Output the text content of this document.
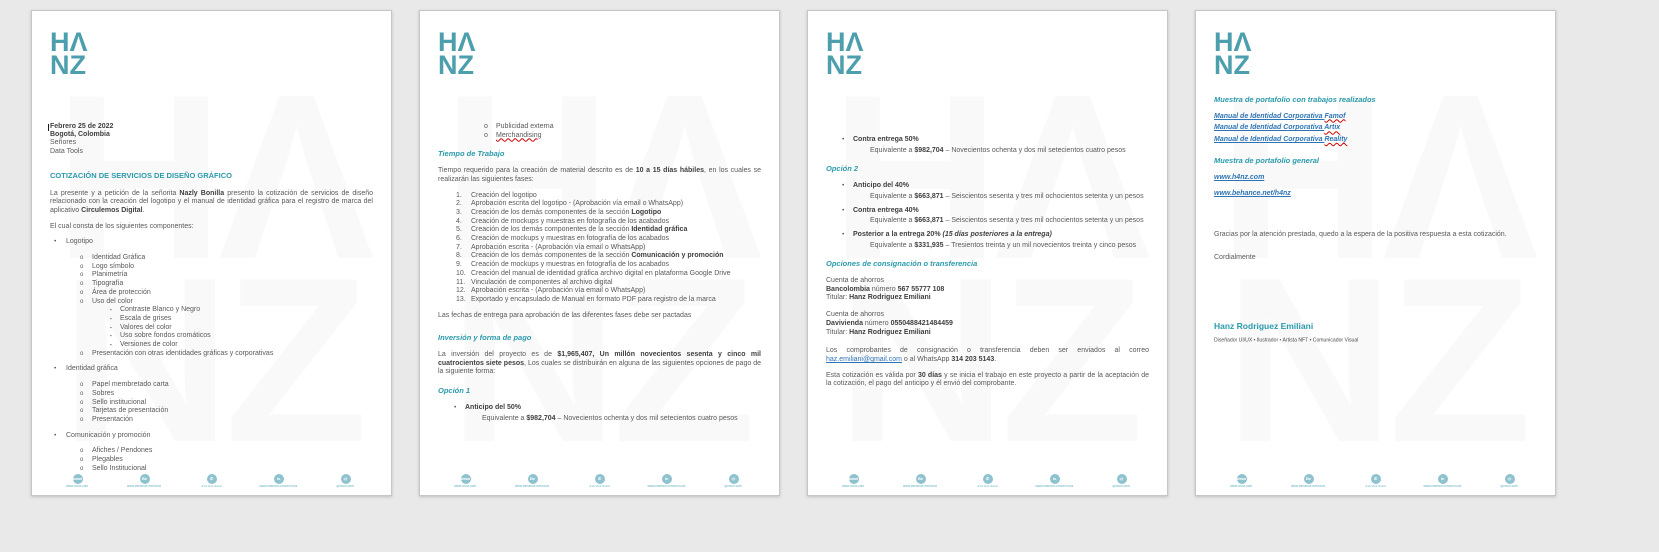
HΛ
NZ
Febrero 25 de 2022
Bogotá, Colombia
Señores
Data Tools
COTIZACIÓN DE SERVICIOS DE DISEÑO GRÁFICO

La presente y a petición de la señorita Nazly Bonilla presento la cotización de servicios de diseño relacionado con la creación del logotipo y el manual de identidad gráfica para el registro de marca del aplicativo Circulemos Digital.

El cual consta de los siguientes componentes:

•	Logotipo
o	Identidad Gráfica
o	Logo símbolo
o	Planimetría
o	Tipografía
o	Área de protección
o	Uso del color
▪	Contraste Blanco y Negro
▪	Escala de grises
▪	Valores del color
▪	Uso sobre fondos cromáticos
▪	Versiones de color
o	Presentación con otras identidades gráficas y corporativas
•	Identidad gráfica
o	Papel membretado carta
o	Sobres
o	Sello institucional
o	Tarjetas de presentación
o	Presentación
•	Comunicación y promoción
o	Afiches / Pendones
o	Plegables
o	Sello Institucional
www
www.h4nz.com
Be
www.behance.net/h4nz
✆
314 203 5143
in
www.linkedin.com/in/h4nz
@
@h4nz.com
HΛ
NZ
o	Publicidad externa
o	Merchandising
Tiempo de Trabajo

Tiempo requerido para la creación de material descrito es de 10 a 15 días hábiles, en los cuales se realizarán las siguientes fases:

1.	Creación del logotipo
2.	Aprobación escrita del logotipo - (Aprobación vía email o WhatsApp)
3.	Creación de los demás componentes de la sección Logotipo
4.	Creación de mockups y muestras en fotografía de los acabados
5.	Creación de los demás componentes de la sección Identidad gráfica
6.	Creación de mockups y muestras en fotografía de los acabados
7.	Aprobación escrita - (Aprobación vía email o WhatsApp)
8.	Creación de los demás componentes de la sección Comunicación y promoción
9.	Creación de mockups y muestras en fotografía de los acabados
10. Creación del manual de identidad gráfica archivo digital en plataforma Google Drive
11. Vinculación de componentes al archivo digital
12. Aprobación escrita - (Aprobación vía email o WhatsApp)
13. Exportado y encapsulado de Manual en formato PDF para registro de la marca

Las fechas de entrega para aprobación de las diferentes fases debe ser pactadas

Inversión y forma de pago

La inversión del proyecto es de $1,965,407, Un millón novecientos sesenta y cinco mil cuatrocientos siete pesos, Los cuales se distribuirán en alguna de las siguientes opciones de pago de la siguiente forma:

Opción 1
•	Anticipo del 50%
Equivalente a $982,704 – Novecientos ochenta y dos mil setecientos cuatro pesos
www
www.h4nz.com
Be
www.behance.net/h4nz
✆
314 203 5143
in
www.linkedin.com/in/h4nz
@
@h4nz.com
HΛ
NZ
•	Contra entrega 50%
Equivalente a $982,704 – Novecientos ochenta y dos mil setecientos cuatro pesos
Opción 2
•	Anticipo del 40%
Equivalente a $663,871 – Seiscientos sesenta y tres mil ochocientos setenta y un pesos
•	Contra entrega 40%
Equivalente a $663,871 – Seiscientos sesenta y tres mil ochocientos setenta y un pesos
•	Posterior a la entrega 20% (15 días posteriores a la entrega)
Equivalente a $331,935 – Tresientos treinta y un mil novecientos treinta y cinco pesos
Opciones de consignación o transferencia
Cuenta de ahorros
Bancolombia número 567 55777 108
Titular: Hanz Rodriguez Emiliani
Cuenta de ahorros
Davivienda número 0550488421484459
Titular: Hanz Rodriguez Emiliani

Los comprobantes de consignación o transferencia deben ser enviados al correo haz.emiliani@gmail.com o al WhatsApp 314 203 5143.

Esta cotización es válida por 30 días y se inicia el trabajo en este proyecto a partir de la aceptación de la cotización, el pago del anticipo y él envió del comprobante.

www
www.h4nz.com
Be
www.behance.net/h4nz
✆
314 203 5143
in
www.linkedin.com/in/h4nz
@
@h4nz.com
HΛ
NZ
Muestra de portafolio con trabajos realizados
Manual de Identidad Corporativa Famof
Manual de Identidad Corporativa Artix
Manual de Identidad Corporativa Reality
Muestra de portafolio general
www.h4nz.com
www.behance.net/h4nz

Gracias por la atención prestada, quedo a la espera de la positiva respuesta a esta cotización.

Cordialmente

Hanz Rodriguez Emiliani
Diseñador UI/UX • Ilustrador • Artista NFT • Comunicador Visual
www
www.h4nz.com
Be
www.behance.net/h4nz
✆
314 203 5143
in
www.linkedin.com/in/h4nz
@
@h4nz.com
